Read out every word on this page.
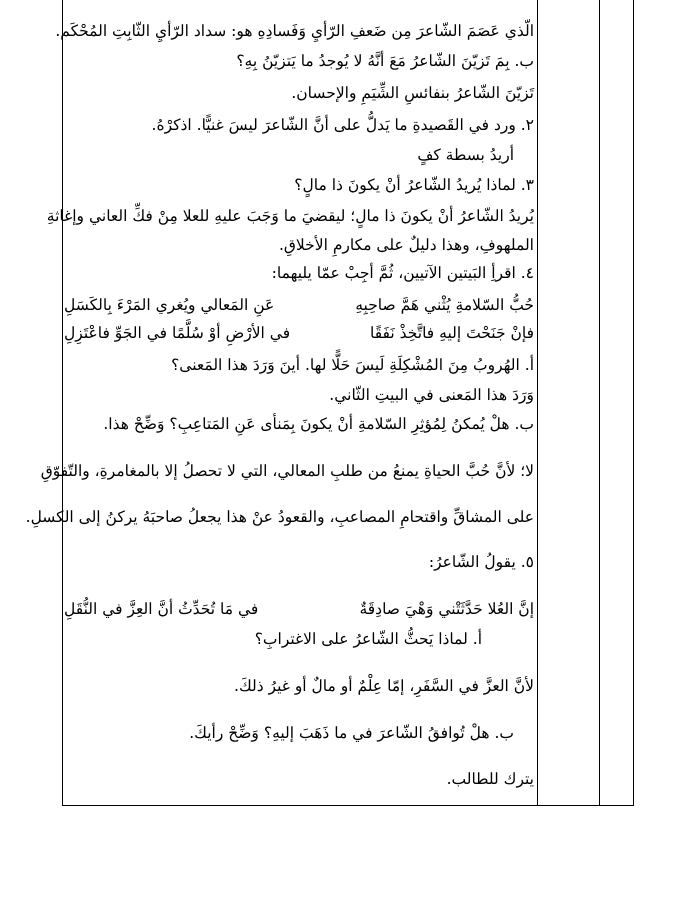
الّذي عَصَمَ الشّاعرَ مِن ضَعفِ الرّأيِ وَفَسادِهِ هو: سداد الرّأيِ الثّابِتِ المُحْكَم.
ب. بِمَ تَزيّنَ الشّاعرُ مَعَ أنَّهُ لا يُوجدُ ما يَتزيّنُ بِهِ؟
تَزيّنَ الشّاعرُ بنفائسِ الشِّيَمِ والإحسان.
٢. ورد في القَصيدةِ ما يَدلُّ على أنَّ الشّاعرَ ليسَ غنيًّا. اذكرْهُ.
أريدُ بسطة كفٍ
٣. لماذا يُريدُ الشّاعرُ أنْ يكونَ ذا مالٍ؟
يُريدُ الشّاعرُ أنْ يكونَ ذا مالٍ؛ ليقضيَ ما وَجَبَ عليهِ للعلا مِنْ فكِّ العاني وإغاثةِ
الملهوفِ، وهذا دليلٌ على مكارمِ الأخلاقِ.
٤. اقرأِ البَيتين الآتيين، ثُمَّ أجِبْ عمّا يليهما:
حُبُّ السّلامةِ يُثْني هَمَّ صاحِبِهِ
عَنِ المَعالي ويُغري المَرْءَ بِالكَسَلِ
فإنْ جَنَحْتَ إليهِ فاتَّخِذْ نَفَقًا
في الأرْضِ أوْ سُلَّمًا في الجَوِّ فاعْتَزِلِ
أ. الهُروبُ مِنَ المُشْكِلَةِ لَيسَ حَلًّا لها. أينَ وَرَدَ هذا المَعنى؟
وَرَدَ هذا المَعنى في البيتِ الثّاني.
ب. هلْ يُمكنُ لِمُؤثِرِ السّلامةِ أنْ يكونَ بِمَنأى عَنِ المَتاعِبِ؟ وَضِّحْ هذا.
لا؛ لأنَّ حُبَّ الحياةِ يمنعُ من طلبِ المعالي، التي لا تحصلُ إلا بالمغامرةِ، والتّفوّقِ
على المشاقِّ واقتحامِ المصاعبِ، والقعودُ عنْ هذا يجعلُ صاحبَهُ يركنُ إلى الكسلِ.
٥. يقولُ الشّاعرُ:
إنَّ العُلا حَدَّثَتْني وَهْيَ صادِقَةٌ
في مَا تُحَدِّثُ أنَّ العِزَّ في النُّقَلِ
أ. لماذا يَحثُّ الشّاعرُ على الاغترابِ؟
لأنَّ العزَّ في السَّفَرِ، إمّا عِلْمٌ أو مالٌ أو غيرُ ذلكَ.
ب. هلْ تُوافقُ الشّاعرَ في ما ذَهَبَ إليهِ؟ وَضِّحْ رأيكَ.
يترك للطالب.
